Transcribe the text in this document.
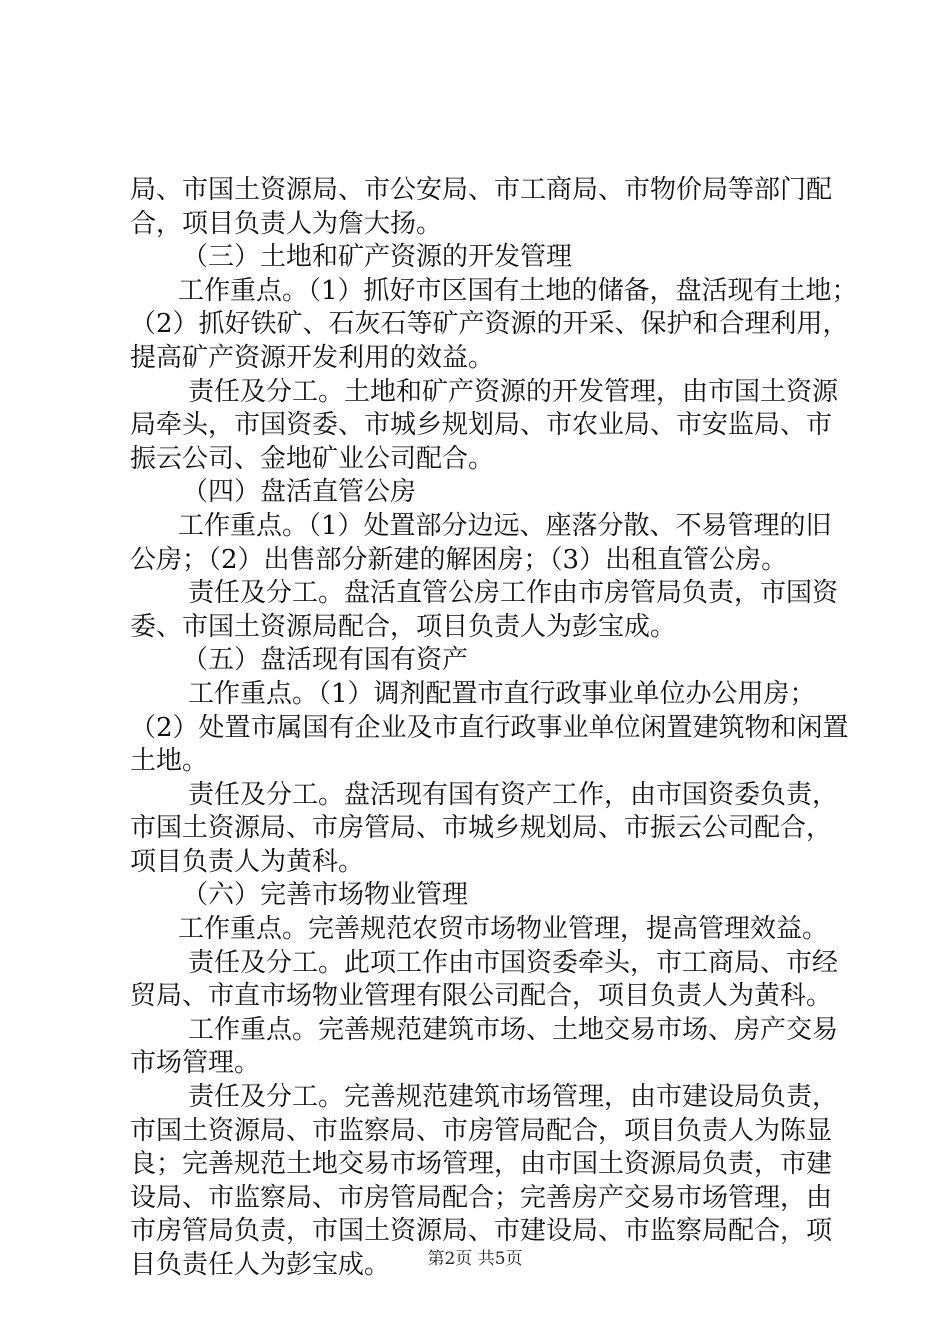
局、市国土资源局、市公安局、市工商局、市物价局等部门配
合，项目负责人为詹大扬。
（三）土地和矿产资源的开发管理
工作重点。（1）抓好市区国有土地的储备，盘活现有土地；
（2）抓好铁矿、石灰石等矿产资源的开采、保护和合理利用，
提高矿产资源开发利用的效益。
责任及分工。土地和矿产资源的开发管理，由市国土资源
局牵头，市国资委、市城乡规划局、市农业局、市安监局、市
振云公司、金地矿业公司配合。
（四）盘活直管公房
工作重点。（1）处置部分边远、座落分散、不易管理的旧
公房；（2）出售部分新建的解困房；（3）出租直管公房。
责任及分工。盘活直管公房工作由市房管局负责，市国资
委、市国土资源局配合，项目负责人为彭宝成。
（五）盘活现有国有资产
工作重点。（1）调剂配置市直行政事业单位办公用房；
（2）处置市属国有企业及市直行政事业单位闲置建筑物和闲置
土地。
责任及分工。盘活现有国有资产工作，由市国资委负责，
市国土资源局、市房管局、市城乡规划局、市振云公司配合，
项目负责人为黄科。
（六）完善市场物业管理
工作重点。完善规范农贸市场物业管理，提高管理效益。
责任及分工。此项工作由市国资委牵头，市工商局、市经
贸局、市直市场物业管理有限公司配合，项目负责人为黄科。
工作重点。完善规范建筑市场、土地交易市场、房产交易
市场管理。
责任及分工。完善规范建筑市场管理，由市建设局负责，
市国土资源局、市监察局、市房管局配合，项目负责人为陈显
良；完善规范土地交易市场管理，由市国土资源局负责，市建
设局、市监察局、市房管局配合；完善房产交易市场管理，由
市房管局负责，市国土资源局、市建设局、市监察局配合，项
目负责任人为彭宝成。	第2页 共5页
